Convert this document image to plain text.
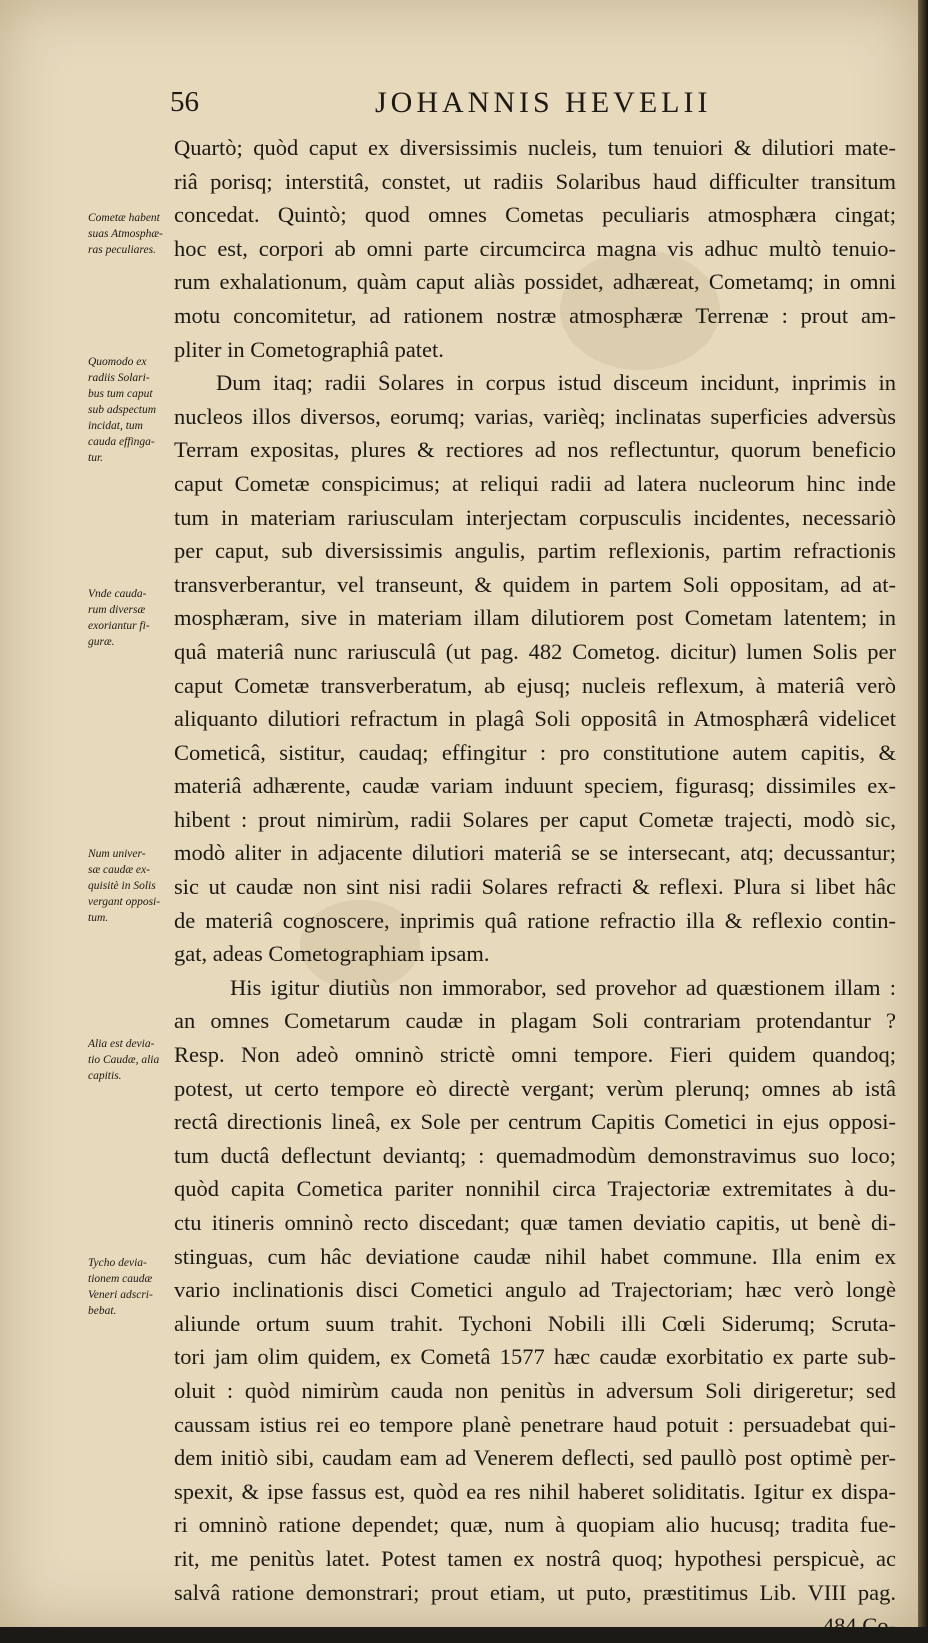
56	JOHANNIS HEVELII
Cometæ habent
suas Atmosphæ-
ras peculiares.
Quomodo ex
radiis Solari-
bus tum caput
sub adspectum
incidat, tum
cauda effinga-
tur.
Vnde cauda-
rum diversæ
exoriantur fi-
guræ.
Num univer-
sæ caudæ ex-
quisitè in Solis
vergant opposi-
tum.
Alia est devia-
tio Caudæ, alia
capitis.
Tycho devia-
tionem caudæ
Veneri adscri-
bebat.
Quartò; quòd caput ex diversissimis nucleis, tum tenuiori & dilutiori mate-
riâ porisq; interstitâ, constet, ut radiis Solaribus haud difficulter transitum
concedat. Quintò; quod omnes Cometas peculiaris atmosphæra cingat;
hoc est, corpori ab omni parte circumcirca magna vis adhuc multò tenuio-
rum exhalationum, quàm caput aliàs possidet, adhæreat, Cometamq; in omni
motu concomitetur, ad rationem nostræ atmosphæræ Terrenæ : prout am-
pliter in Cometographiâ patet.
Dum itaq; radii Solares in corpus istud disceum incidunt, inprimis in
nucleos illos diversos, eorumq; varias, varièq; inclinatas superficies adversùs
Terram expositas, plures & rectiores ad nos reflectuntur, quorum beneficio
caput Cometæ conspicimus; at reliqui radii ad latera nucleorum hinc inde
tum in materiam rariusculam interjectam corpusculis incidentes, necessariò
per caput, sub diversissimis angulis, partim reflexionis, partim refractionis
transverberantur, vel transeunt, & quidem in partem Soli oppositam, ad at-
mosphæram, sive in materiam illam dilutiorem post Cometam latentem; in
quâ materiâ nunc rariusculâ (ut pag. 482 Cometog. dicitur) lumen Solis per
caput Cometæ transverberatum, ab ejusq; nucleis reflexum, à materiâ verò
aliquanto dilutiori refractum in plagâ Soli oppositâ in Atmosphærâ videlicet
Cometicâ, sistitur, caudaq; effingitur : pro constitutione autem capitis, &
materiâ adhærente, caudæ variam induunt speciem, figurasq; dissimiles ex-
hibent : prout nimirùm, radii Solares per caput Cometæ trajecti, modò sic,
modò aliter in adjacente dilutiori materiâ se se intersecant, atq; decussantur;
sic ut caudæ non sint nisi radii Solares refracti & reflexi. Plura si libet hâc
de materiâ cognoscere, inprimis quâ ratione refractio illa & reflexio contin-
gat, adeas Cometographiam ipsam.
His igitur diutiùs non immorabor, sed provehor ad quæstionem illam :
an omnes Cometarum caudæ in plagam Soli contrariam protendantur ?
Resp. Non adeò omninò strictè omni tempore. Fieri quidem quandoq;
potest, ut certo tempore eò directè vergant; verùm plerunq; omnes ab istâ
rectâ directionis lineâ, ex Sole per centrum Capitis Cometici in ejus opposi-
tum ductâ deflectunt deviantq; : quemadmodùm demonstravimus suo loco;
quòd capita Cometica pariter nonnihil circa Trajectoriæ extremitates à du-
ctu itineris omninò recto discedant; quæ tamen deviatio capitis, ut benè di-
stinguas, cum hâc deviatione caudæ nihil habet commune. Illa enim ex
vario inclinationis disci Cometici angulo ad Trajectoriam; hæc verò longè
aliunde ortum suum trahit. Tychoni Nobili illi Cœli Siderumq; Scruta-
tori jam olim quidem, ex Cometâ 1577 hæc caudæ exorbitatio ex parte sub-
oluit : quòd nimirùm cauda non penitùs in adversum Soli dirigeretur; sed
caussam istius rei eo tempore planè penetrare haud potuit : persuadebat qui-
dem initiò sibi, caudam eam ad Venerem deflecti, sed paullò post optimè per-
spexit, & ipse fassus est, quòd ea res nihil haberet soliditatis. Igitur ex dispa-
ri omninò ratione dependet; quæ, num à quopiam alio hucusq; tradita fue-
rit, me penitùs latet. Potest tamen ex nostrâ quoq; hypothesi perspicuè, ac
salvâ ratione demonstrari; prout etiam, ut puto, præstitimus Lib. VIII pag.
484 Co-
